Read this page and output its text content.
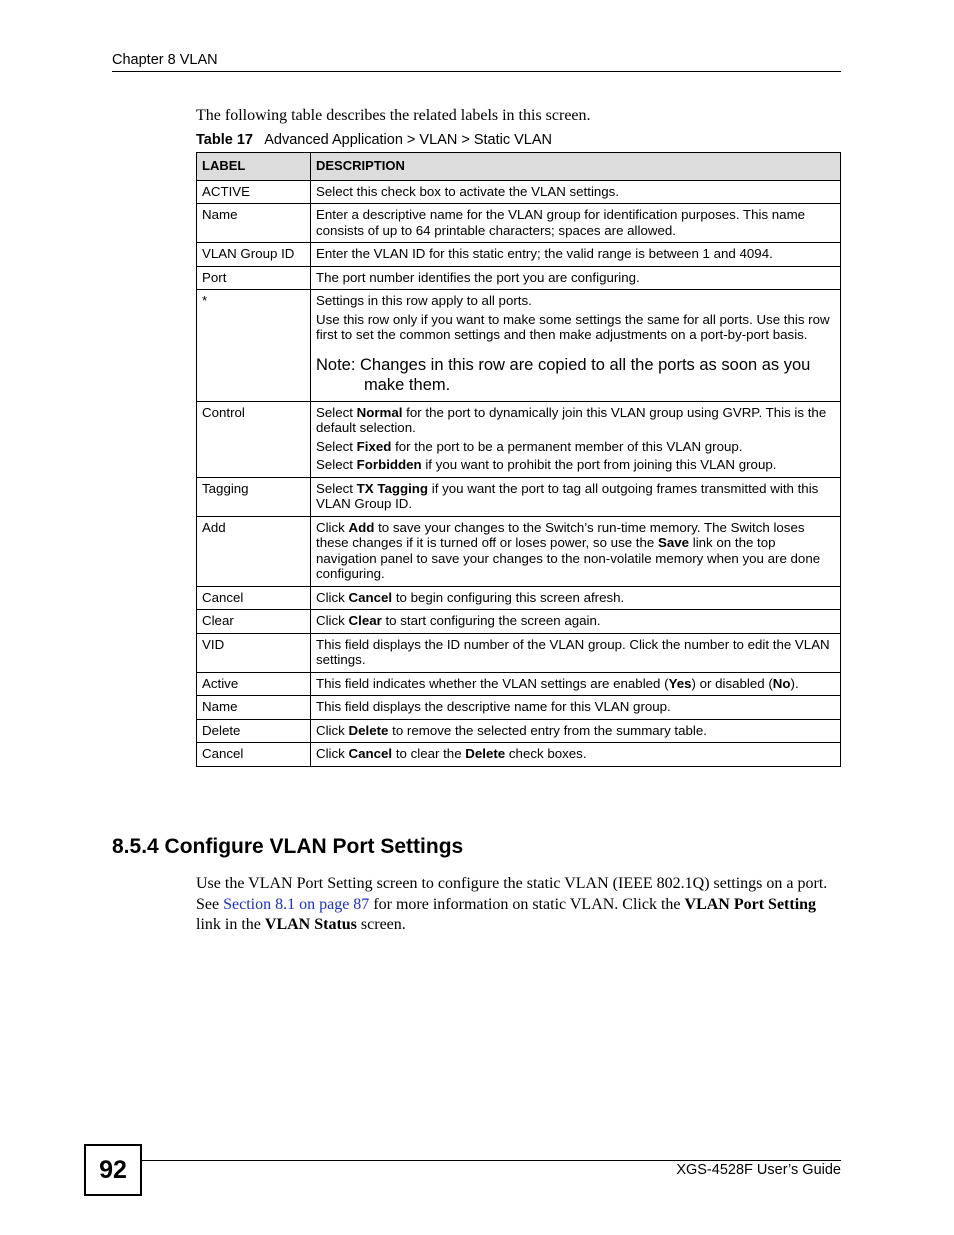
Chapter 8 VLAN
The following table describes the related labels in this screen.
Table 17 Advanced Application > VLAN > Static VLAN
LABEL	DESCRIPTION
ACTIVE	Select this check box to activate the VLAN settings.

Name	Enter a descriptive name for the VLAN group for identification purposes. This name consists of up to 64 printable characters; spaces are allowed.

VLAN Group ID	Enter the VLAN ID for this static entry; the valid range is between 1 and 4094.

Port	The port number identifies the port you are configuring.

*	Settings in this row apply to all ports.

Use this row only if you want to make some settings the same for all ports. Use this row first to set the common settings and then make adjustments on a port-by-port basis.

Note: Changes in this row are copied to all the ports as soon as you make them.

Control	Select Normal for the port to dynamically join this VLAN group using GVRP. This is the default selection.

Select Fixed for the port to be a permanent member of this VLAN group.

Select Forbidden if you want to prohibit the port from joining this VLAN group.

Tagging	Select TX Tagging if you want the port to tag all outgoing frames transmitted with this VLAN Group ID.

Add	Click Add to save your changes to the Switch’s run-time memory. The Switch loses these changes if it is turned off or loses power, so use the Save link on the top navigation panel to save your changes to the non-volatile memory when you are done configuring.

Cancel	Click Cancel to begin configuring this screen afresh.

Clear	Click Clear to start configuring the screen again.

VID	This field displays the ID number of the VLAN group. Click the number to edit the VLAN settings.

Active	This field indicates whether the VLAN settings are enabled (Yes) or disabled (No).

Name	This field displays the descriptive name for this VLAN group.

Delete	Click Delete to remove the selected entry from the summary table.

Cancel	Click Cancel to clear the Delete check boxes.

8.5.4 Configure VLAN Port Settings
Use the VLAN Port Setting screen to configure the static VLAN (IEEE 802.1Q) settings on a port. See Section 8.1 on page 87 for more information on static VLAN. Click the VLAN Port Setting link in the VLAN Status screen.
92	XGS-4528F User’s Guide
